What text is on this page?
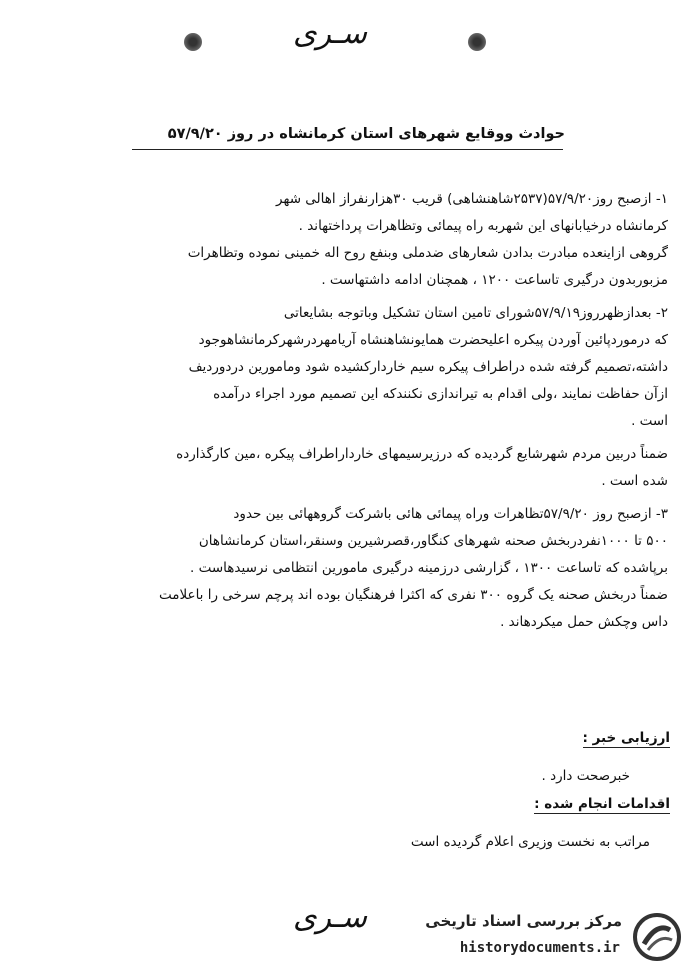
سـری
حوادث ووقایع شهرهای استان کرمانشاه در روز ۵۷/۹/۲۰
۱- ازصبح روز۵۷/۹/۲۰(۲۵۳۷شاهنشاهی) قریب ۳۰هزارنفراز اهالی شهر
کرمانشاه درخیابانهای این شهربه راه پیمائی وتظاهرات پرداختهاند .
گروهی ازاینعده مبادرت بدادن شعارهای ضدملی وبنفع روح اله خمینی نموده وتظاهرات
مزبوربدون درگیری تاساعت ۱۲۰۰ ، همچنان ادامه داشتهاست .
۲- بعدازظهرروز۵۷/۹/۱۹شورای تامین استان تشکیل وباتوجه بشایعاتی
که درموردپائین آوردن پیکره اعلیحضرت همایونشاهنشاه آریامهردرشهرکرمانشاهوجود
داشته،تصمیم گرفته شده دراطراف پیکره سیم خاردارکشیده شود ومامورین دردوردیف
ازآن حفاظت نمایند ،ولی اقدام به تیراندازی نکنندکه این تصمیم مورد اجراء درآمده
است .
ضمناً دربین مردم شهرشایع گردیده که درزیرسیمهای خارداراطراف پیکره ،مین کارگذارده
شده است .
۳- ازصبح روز ۵۷/۹/۲۰تظاهرات وراه پیمائی هائی باشرکت گروههائی بین حدود
۵۰۰ تا ۱۰۰۰نفردربخش صحنه شهرهای کنگاور،قصرشیرین وسنقر،استان کرمانشاهان
برپاشده که تاساعت ۱۳۰۰ ، گزارشی درزمینه درگیری مامورین انتظامی نرسیدهاست .
ضمناً دربخش صحنه یک گروه ۳۰۰ نفری که اکثرا فرهنگیان بوده اند پرچم سرخی را باعلامت
داس وچکش حمل میکردهاند .
ارزیابی خبر :
خبرصحت دارد .
اقدامات انجام شده :
مراتب به نخست وزیری اعلام گردیده است
سـری	مرکز بررسی اسناد تاریخی
historydocuments.ir
